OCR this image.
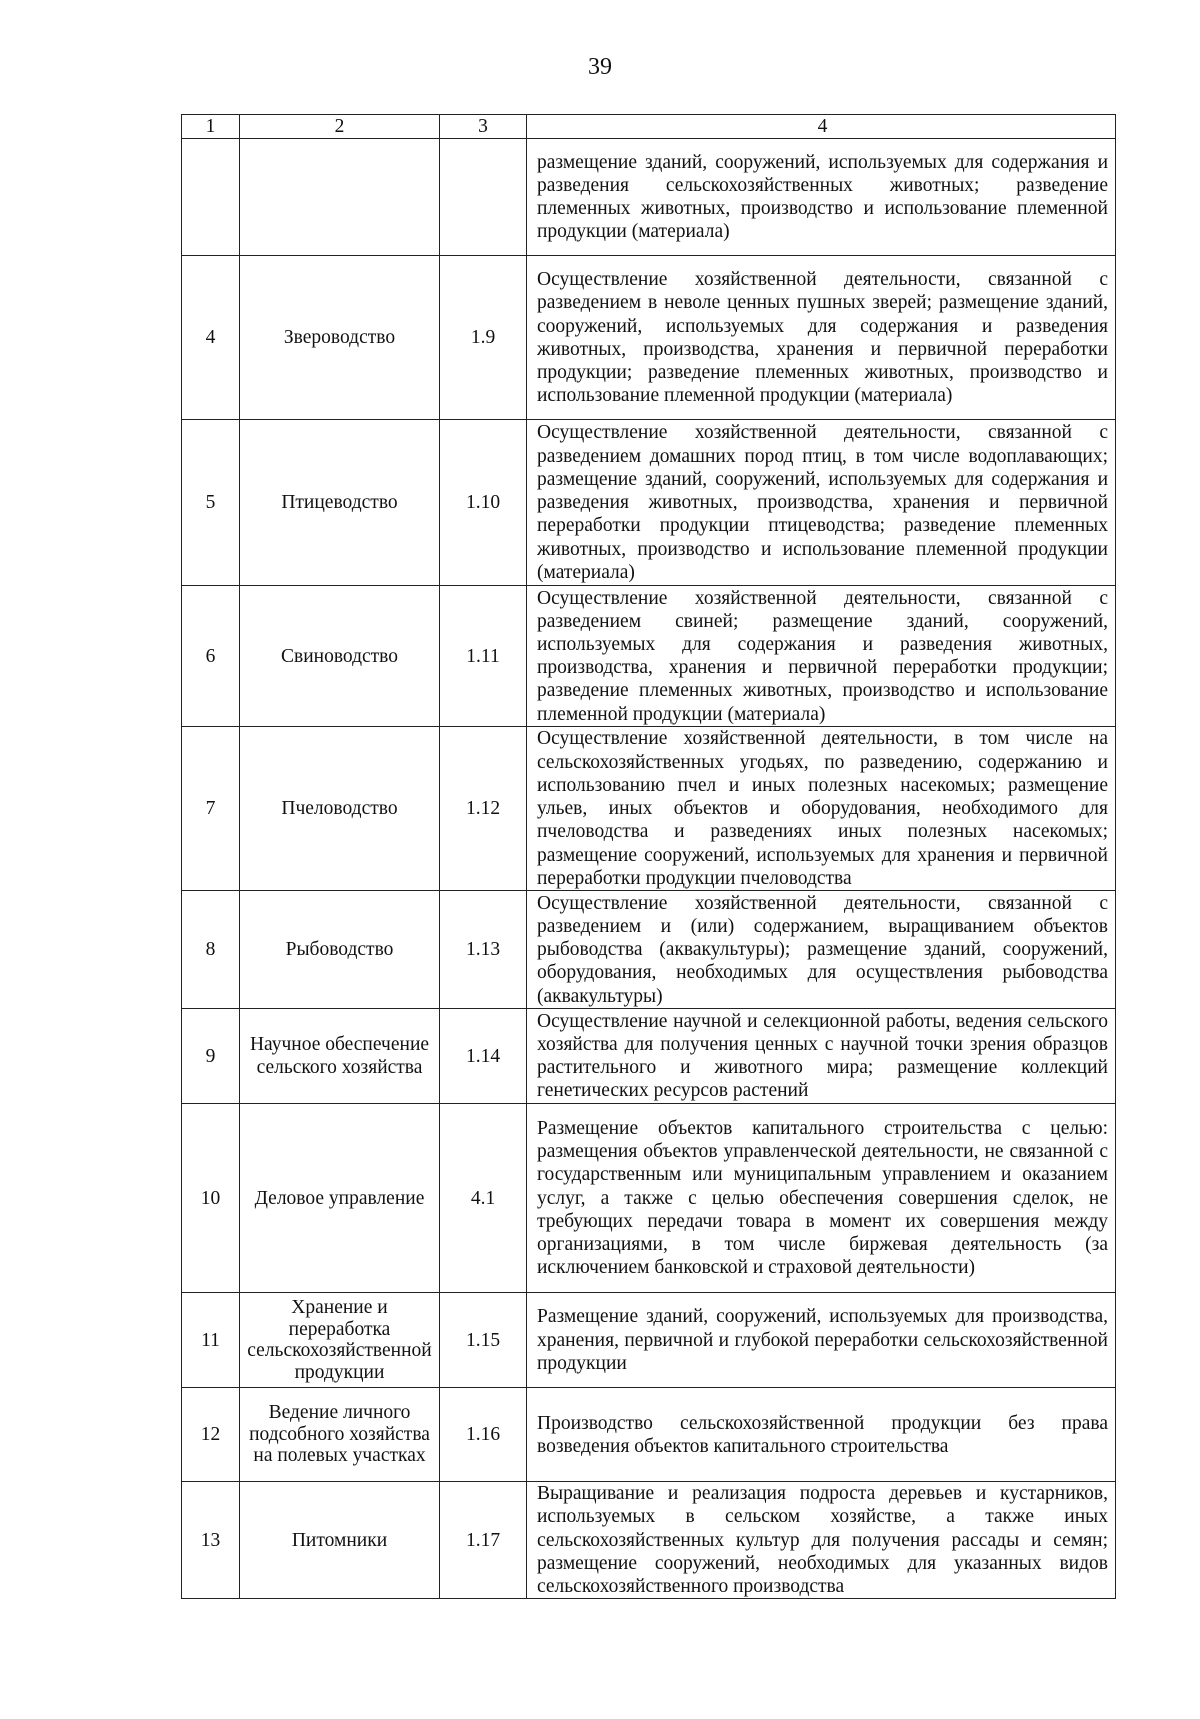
39
1	2	3	4
			размещение зданий, сооружений, используемых для содержания и разведения сельскохозяйственных животных; разведение племенных животных, производство и использование племенной продукции (материала)
4	Звероводство	1.9	Осуществление хозяйственной деятельности, связанной с разведением в неволе ценных пушных зверей; размещение зданий, сооружений, используемых для содержания и разведения животных, производства, хранения и первичной переработки продукции; разведение племенных животных, производство и использование племенной продукции (материала)
5	Птицеводство	1.10	Осуществление хозяйственной деятельности, связанной с разведением домашних пород птиц, в том числе водоплавающих; размещение зданий, сооружений, используемых для содержания и разведения животных, производства, хранения и первичной переработки продукции птицеводства; разведение племенных животных, производство и использование племенной продукции (материала)
6	Свиноводство	1.11	Осуществление хозяйственной деятельности, связанной с разведением свиней; размещение зданий, сооружений, используемых для содержания и разведения животных, производства, хранения и первичной переработки продукции; разведение племенных животных, производство и использование племенной продукции (материала)
7	Пчеловодство	1.12	Осуществление хозяйственной деятельности, в том числе на сельскохозяйственных угодьях, по разведению, содержанию и использованию пчел и иных полезных насекомых; размещение ульев, иных объектов и оборудования, необходимого для пчеловодства и разведениях иных полезных насекомых; размещение сооружений, используемых для хранения и первичной переработки продукции пчеловодства
8	Рыбоводство	1.13	Осуществление хозяйственной деятельности, связанной с разведением и (или) содержанием, выращиванием объектов рыбоводства (аквакультуры); размещение зданий, сооружений, оборудования, необходимых для осуществления рыбоводства (аквакультуры)
9	Научное обеспечение сельского хозяйства	1.14	Осуществление научной и селекционной работы, ведения сельского хозяйства для получения ценных с научной точки зрения образцов растительного и животного мира; размещение коллекций генетических ресурсов растений
10	Деловое управление	4.1	Размещение объектов капитального строительства с целью: размещения объектов управленческой деятельности, не связанной с государственным или муниципальным управлением и оказанием услуг, а также с целью обеспечения совершения сделок, не требующих передачи товара в момент их совершения между организациями, в том числе биржевая деятельность (за исключением банковской и страховой деятельности)
11	Хранение и переработка сельскохозяйственной продукции	1.15	Размещение зданий, сооружений, используемых для производства, хранения, первичной и глубокой переработки сельскохозяйственной продукции
12	Ведение личного подсобного хозяйства на полевых участках	1.16	Производство сельскохозяйственной продукции без права возведения объектов капитального строительства
13	Питомники	1.17	Выращивание и реализация подроста деревьев и кустарников, используемых в сельском хозяйстве, а также иных сельскохозяйственных культур для получения рассады и семян; размещение сооружений, необходимых для указанных видов сельскохозяйственного производства
